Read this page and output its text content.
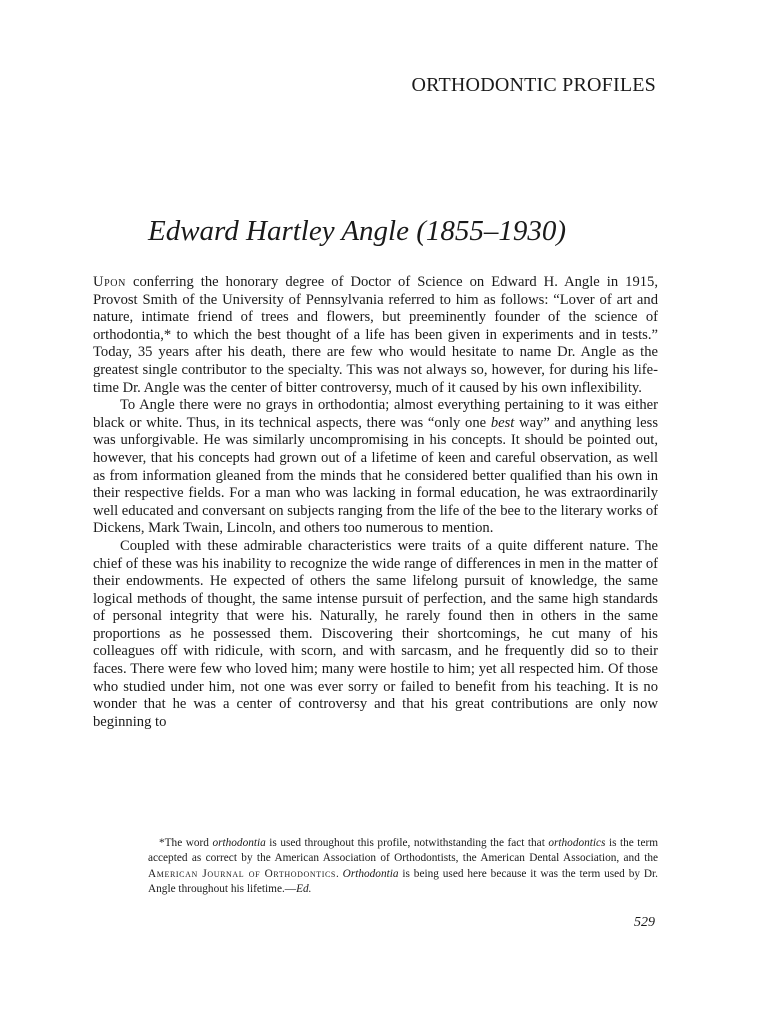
ORTHODONTIC PROFILES
Edward Hartley Angle (1855–1930)

Upon conferring the honorary degree of Doctor of Science on Edward H. Angle in 1915, Provost Smith of the University of Pennsylvania referred to him as follows: “Lover of art and nature, intimate friend of trees and flowers, but preeminently founder of the science of orthodontia,* to which the best thought of a life has been given in experiments and in tests.” Today, 35 years after his death, there are few who would hesitate to name Dr. Angle as the greatest single contributor to the specialty. This was not always so, however, for during his lifetime Dr. Angle was the center of bitter controversy, much of it caused by his own inflexibility.

To Angle there were no grays in orthodontia; almost everything pertaining to it was either black or white. Thus, in its technical aspects, there was “only one best way” and anything less was unforgivable. He was similarly uncompromising in his concepts. It should be pointed out, however, that his concepts had grown out of a lifetime of keen and careful observation, as well as from information gleaned from the minds that he considered better qualified than his own in their respective fields. For a man who was lacking in formal education, he was extraordinarily well educated and conversant on subjects ranging from the life of the bee to the literary works of Dickens, Mark Twain, Lincoln, and others too numerous to mention.

Coupled with these admirable characteristics were traits of a quite different nature. The chief of these was his inability to recognize the wide range of differences in men in the matter of their endowments. He expected of others the same lifelong pursuit of knowledge, the same logical methods of thought, the same intense pursuit of perfection, and the same high standards of personal integrity that were his. Naturally, he rarely found then in others in the same proportions as he possessed them. Discovering their shortcomings, he cut many of his colleagues off with ridicule, with scorn, and with sarcasm, and he frequently did so to their faces. There were few who loved him; many were hostile to him; yet all respected him. Of those who studied under him, not one was ever sorry or failed to benefit from his teaching. It is no wonder that he was a center of controversy and that his great contributions are only now beginning to

*The word orthodontia is used throughout this profile, notwithstanding the fact that orthodontics is the term accepted as correct by the American Association of Orthodontists, the American Dental Association, and the American Journal of Orthodontics. Orthodontia is being used here because it was the term used by Dr. Angle throughout his lifetime.—Ed.

529
